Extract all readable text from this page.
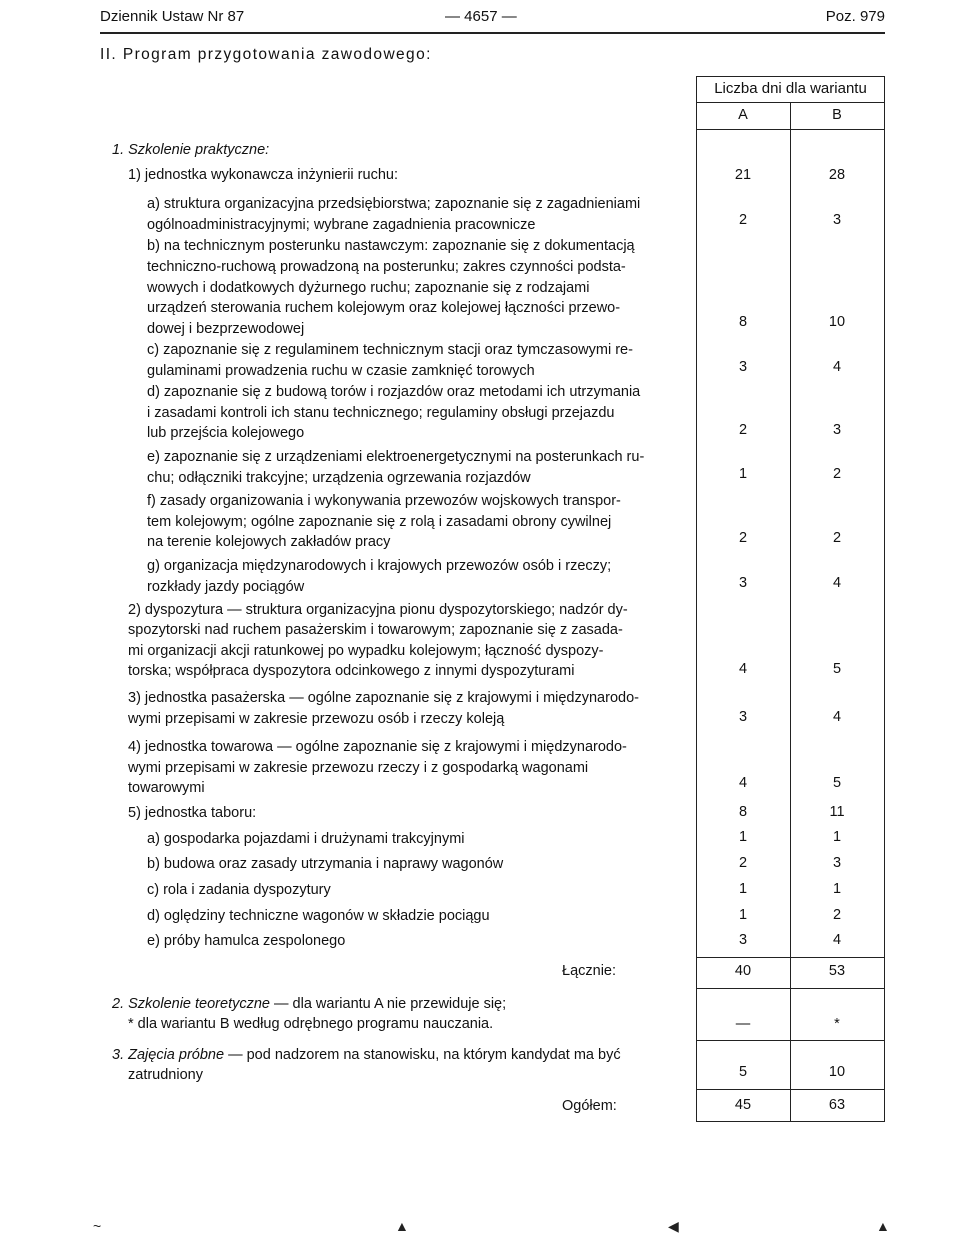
Dziennik Ustaw Nr 87	— 4657 —	Poz. 979
II. Program przygotowania zawodowego:
Liczba dni dla wariantu
A	B
1. Szkolenie praktyczne:
1) jednostka wykonawcza inżynierii ruchu:	21	28
a) struktura organizacyjna przedsiębiorstwa; zapoznanie się z zagadnieniami
ogólnoadministracyjnymi; wybrane zagadnienia pracownicze	2	3
b) na technicznym posterunku nastawczym: zapoznanie się z dokumentacją
techniczno-ruchową prowadzoną na posterunku; zakres czynności podsta-
wowych i dodatkowych dyżurnego ruchu; zapoznanie się z rodzajami
urządzeń sterowania ruchem kolejowym oraz kolejowej łączności przewo-
dowej i bezprzewodowej	8	10
c) zapoznanie się z regulaminem technicznym stacji oraz tymczasowymi re-
gulaminami prowadzenia ruchu w czasie zamknięć torowych	3	4
d) zapoznanie się z budową torów i rozjazdów oraz metodami ich utrzymania
i zasadami kontroli ich stanu technicznego; regulaminy obsługi przejazdu
lub przejścia kolejowego	2	3
e) zapoznanie się z urządzeniami elektroenergetycznymi na posterunkach ru-
chu; odłączniki trakcyjne; urządzenia ogrzewania rozjazdów	1	2
f) zasady organizowania i wykonywania przewozów wojskowych transpor-
tem kolejowym; ogólne zapoznanie się z rolą i zasadami obrony cywilnej
na terenie kolejowych zakładów pracy	2	2
g) organizacja międzynarodowych i krajowych przewozów osób i rzeczy;
rozkłady jazdy pociągów	3	4
2) dyspozytura — struktura organizacyjna pionu dyspozytorskiego; nadzór dy-
spozytorski nad ruchem pasażerskim i towarowym; zapoznanie się z zasada-
mi organizacji akcji ratunkowej po wypadku kolejowym; łączność dyspozy-
torska; współpraca dyspozytora odcinkowego z innymi dyspozyturami	4	5
3) jednostka pasażerska — ogólne zapoznanie się z krajowymi i międzynarodo-
wymi przepisami w zakresie przewozu osób i rzeczy koleją	3	4
4) jednostka towarowa — ogólne zapoznanie się z krajowymi i międzynarodo-
wymi przepisami w zakresie przewozu rzeczy i z gospodarką wagonami
towarowymi	4	5
5) jednostka taboru:	8	11
a) gospodarka pojazdami i drużynami trakcyjnymi	1	1
b) budowa oraz zasady utrzymania i naprawy wagonów	2	3
c) rola i zadania dyspozytury	1	1
d) oględziny techniczne wagonów w składzie pociągu	1	2
e) próby hamulca zespolonego	3	4
Łącznie:	40	53
2. Szkolenie teoretyczne — dla wariantu A nie przewiduje się;
* dla wariantu B według odrębnego programu nauczania.	—	*
3. Zajęcia próbne — pod nadzorem na stanowisku, na którym kandydat ma być
zatrudniony	5	10
Ogółem:	45	63
~	▲	◀	▲
